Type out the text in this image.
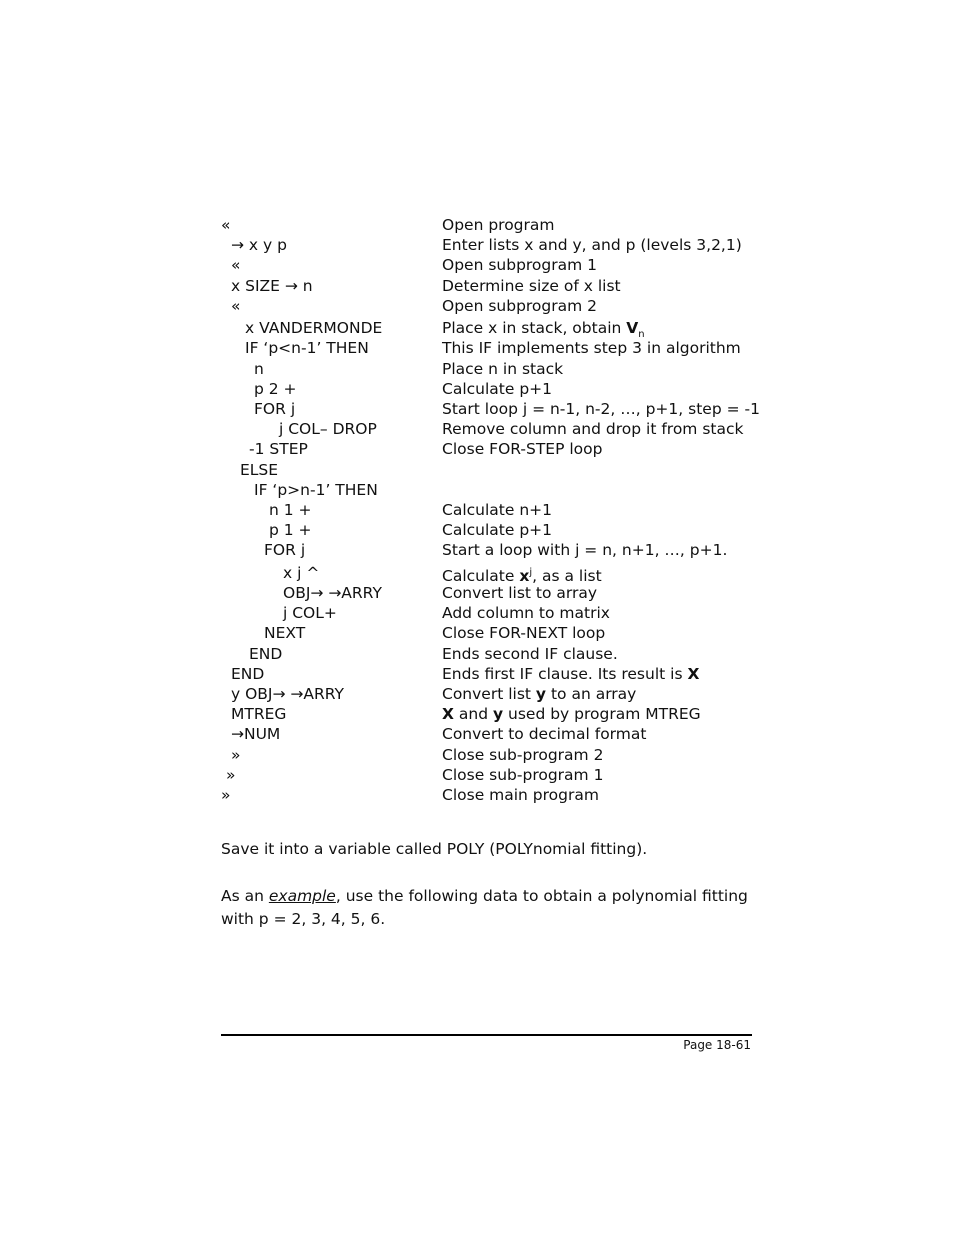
«	Open program
→ x y p	Enter lists x and y, and p (levels 3,2,1)
«	Open subprogram 1
x SIZE → n	Determine size of x list
«	Open subprogram 2
x VANDERMONDE	Place x in stack, obtain $V_n$
IF ‘p<n-1’ THEN	This IF implements step 3 in algorithm
n	Place n in stack
p 2 +	Calculate p+1
FOR j	Start loop j = n-1, n-2, …, p+1, step = -1
j COL– DROP	Remove column and drop it from stack
-1 STEP	Close FOR-STEP loop
ELSE
IF ‘p>n-1’ THEN
n 1 +	Calculate n+1
p 1 +	Calculate p+1
FOR j	Start a loop with j = n, n+1, …, p+1.
x j ^	Calculate $x^j$, as a list
OBJ→ →ARRY	Convert list to array
j COL+	Add column to matrix
NEXT	Close FOR-NEXT loop
END	Ends second IF clause.
END	Ends first IF clause. Its result is X
y OBJ→ →ARRY	Convert list y to an array
MTREG	X and y used by program MTREG
→NUM	Convert to decimal format
»	Close sub-program 2
»	Close sub-program 1
»	Close main program
Save it into a variable called POLY (POLYnomial fitting).
As an example, use the following data to obtain a polynomial fitting with p = 2, 3, 4, 5, 6.
Page 18-61
